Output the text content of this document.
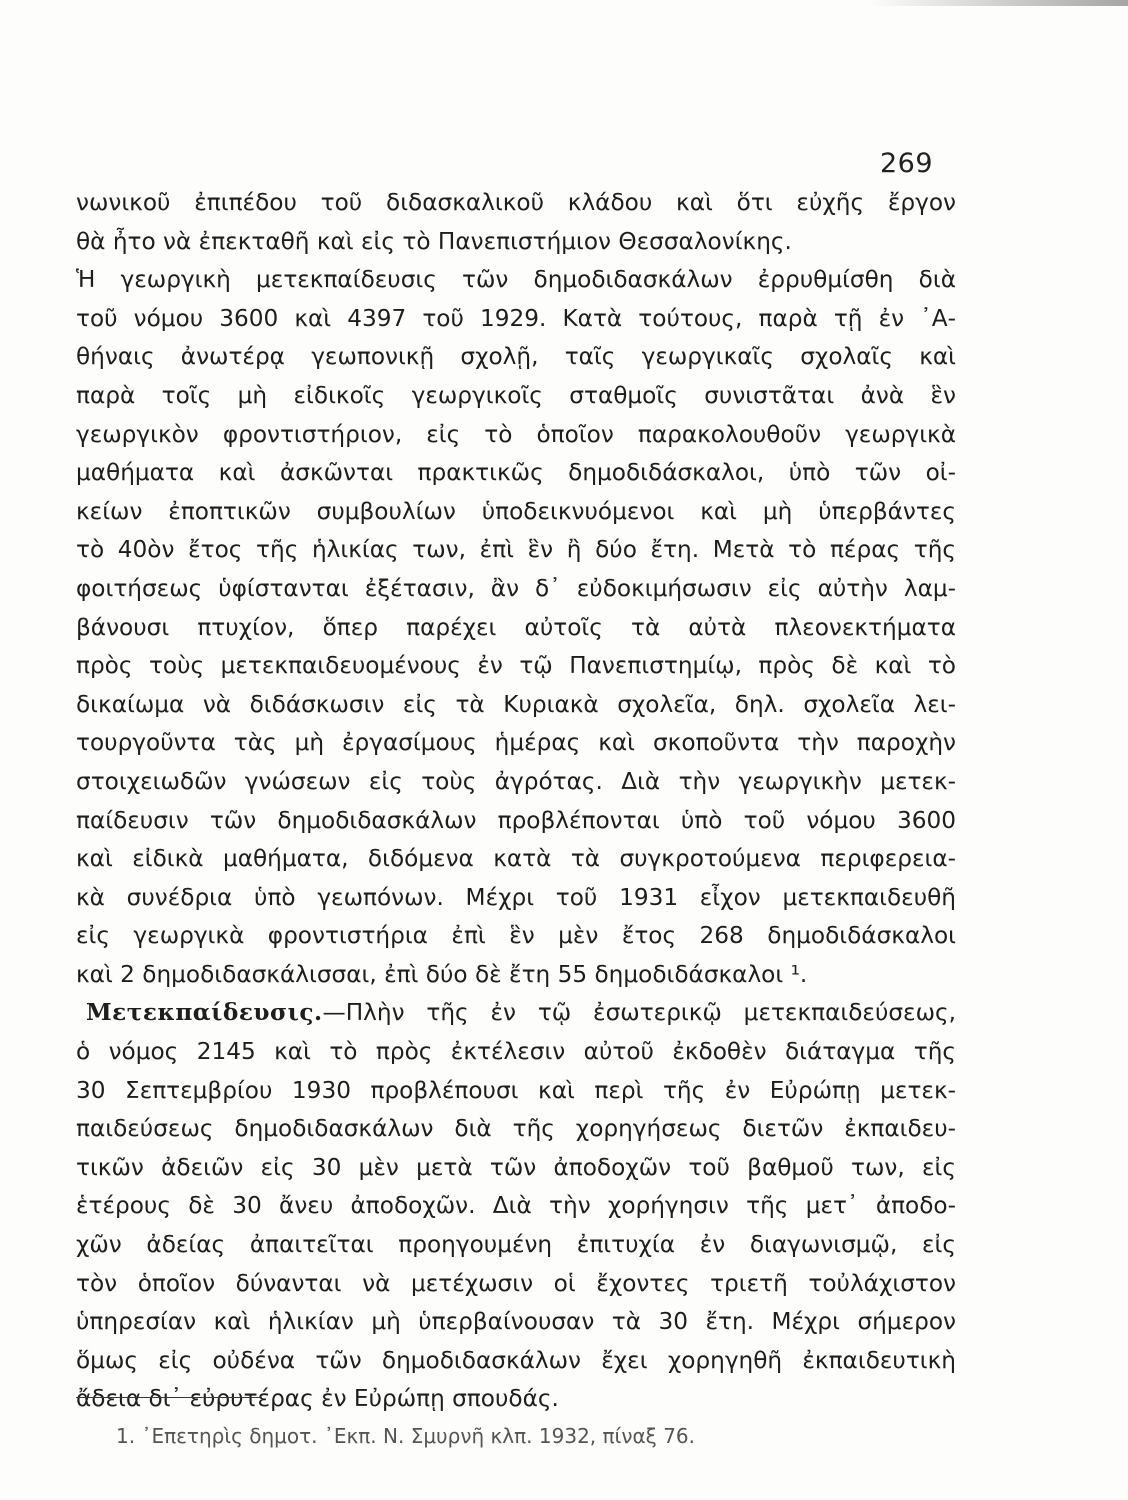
269
νωνικοῦ ἐπιπέδου τοῦ διδασκαλικοῦ κλάδου καὶ ὅτι εὐχῆς ἔργον
θὰ ἦτο νὰ ἐπεκταθῆ καὶ εἰς τὸ Πανεπιστήμιον Θεσσαλονίκης.
Ἡ γεωργικὴ μετεκπαίδευσις τῶν δημοδιδασκάλων ἐρρυθμίσθη διὰ
τοῦ νόμου 3600 καὶ 4397 τοῦ 1929. Κατὰ τούτους, παρὰ τῇ ἐν ᾿Α-
θήναις ἀνωτέρᾳ γεωπονικῇ σχολῇ, ταῖς γεωργικαῖς σχολαῖς καὶ
παρὰ τοῖς μὴ εἰδικοῖς γεωργικοῖς σταθμοῖς συνιστᾶται ἀνὰ ἓν
γεωργικὸν φροντιστήριον, εἰς τὸ ὁποῖον παρακολουθοῦν γεωργικὰ
μαθήματα καὶ ἀσκῶνται πρακτικῶς δημοδιδάσκαλοι, ὑπὸ τῶν οἰ-
κείων ἐποπτικῶν συμβουλίων ὑποδεικνυόμενοι καὶ μὴ ὑπερβάντες
τὸ 40ὸν ἔτος τῆς ἡλικίας των, ἐπὶ ἓν ἢ δύο ἔτη. Μετὰ τὸ πέρας τῆς
φοιτήσεως ὑφίστανται ἐξέτασιν, ἂν δ᾿ εὐδοκιμήσωσιν εἰς αὐτὴν λαμ-
βάνουσι πτυχίον, ὅπερ παρέχει αὐτοῖς τὰ αὐτὰ πλεονεκτήματα
πρὸς τοὺς μετεκπαιδευομένους ἐν τῷ Πανεπιστημίῳ, πρὸς δὲ καὶ τὸ
δικαίωμα νὰ διδάσκωσιν εἰς τὰ Κυριακὰ σχολεῖα, δηλ. σχολεῖα λει-
τουργοῦντα τὰς μὴ ἐργασίμους ἡμέρας καὶ σκοποῦντα τὴν παροχὴν
στοιχειωδῶν γνώσεων εἰς τοὺς ἀγρότας. Διὰ τὴν γεωργικὴν μετεκ-
παίδευσιν τῶν δημοδιδασκάλων προβλέπονται ὑπὸ τοῦ νόμου 3600
καὶ εἰδικὰ μαθήματα, διδόμενα κατὰ τὰ συγκροτούμενα περιφερεια-
κὰ συνέδρια ὑπὸ γεωπόνων. Μέχρι τοῦ 1931 εἶχον μετεκπαιδευθῆ
εἰς γεωργικὰ φροντιστήρια ἐπὶ ἓν μὲν ἔτος 268 δημοδιδάσκαλοι
καὶ 2 δημοδιδασκάλισσαι, ἐπὶ δύο δὲ ἔτη 55 δημοδιδάσκαλοι ¹.
Μετεκπαίδευσις.—Πλὴν τῆς ἐν τῷ ἐσωτερικῷ μετεκπαιδεύσεως,
ὁ νόμος 2145 καὶ τὸ πρὸς ἐκτέλεσιν αὐτοῦ ἐκδοθὲν διάταγμα τῆς
30 Σεπτεμβρίου 1930 προβλέπουσι καὶ περὶ τῆς ἐν Εὐρώπῃ μετεκ-
παιδεύσεως δημοδιδασκάλων διὰ τῆς χορηγήσεως διετῶν ἐκπαιδευ-
τικῶν ἀδειῶν εἰς 30 μὲν μετὰ τῶν ἀποδοχῶν τοῦ βαθμοῦ των, εἰς
ἑτέρους δὲ 30 ἄνευ ἀποδοχῶν. Διὰ τὴν χορήγησιν τῆς μετ᾿ ἀποδο-
χῶν ἀδείας ἀπαιτεῖται προηγουμένη ἐπιτυχία ἐν διαγωνισμῷ, εἰς
τὸν ὁποῖον δύνανται νὰ μετέχωσιν οἱ ἔχοντες τριετῆ τοὐλάχιστον
ὑπηρεσίαν καὶ ἡλικίαν μὴ ὑπερβαίνουσαν τὰ 30 ἔτη. Μέχρι σήμερον
ὅμως εἰς οὐδένα τῶν δημοδιδασκάλων ἔχει χορηγηθῆ ἐκπαιδευτικὴ
ἄδεια δι᾿ εὐρυτέρας ἐν Εὐρώπῃ σπουδάς.
1. ᾿Επετηρὶς δημοτ. ᾿Εκπ. Ν. Σμυρνῆ κλπ. 1932, πίναξ 76.
